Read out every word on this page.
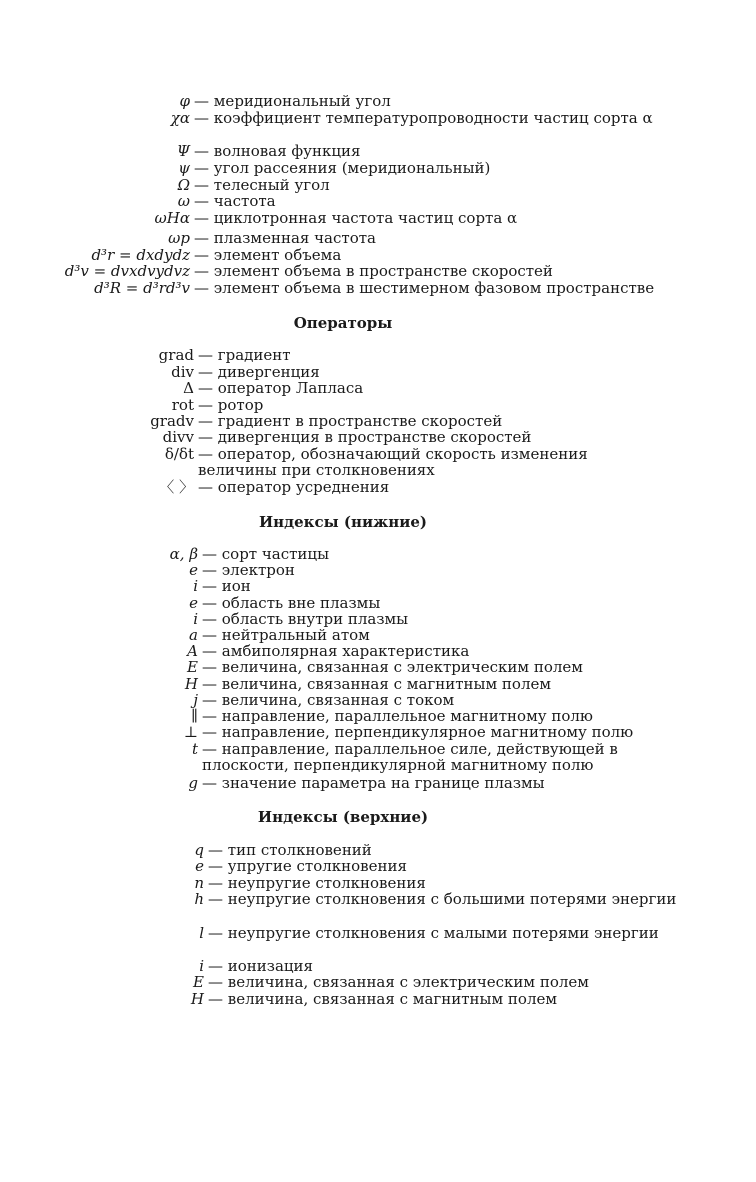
φ — меридиональный угол
χα — коэффициент температуропроводности частиц сорта α
Ψ — волновая функция
ψ — угол рассеяния (меридиональный)
Ω — телесный угол
ω — частота
ωHα — циклотронная частота частиц сорта α
ωp — плазменная частота
d³r = dxdydz — элемент объема
d³v = dvxdvydvz — элемент объема в пространстве скоростей
d³R = d³rd³v — элемент объема в шестимерном фазовом пространстве
Операторы
grad — градиент
div — дивергенция
Δ — оператор Лапласа
rot — ротор
gradv — градиент в пространстве скоростей
divv — дивергенция в пространстве скоростей
δ/δt — оператор, обозначающий скорость изменения величины при столкновениях
〈 〉 — оператор усреднения
Индексы (нижние)
α, β — сорт частицы
e — электрон
i — ион
e — область вне плазмы
i — область внутри плазмы
a — нейтральный атом
A — амбиполярная характеристика
E — величина, связанная с электрическим полем
H — величина, связанная с магнитным полем
j — величина, связанная с током
∥ — направление, параллельное магнитному полю
⊥ — направление, перпендикулярное магнитному полю
t — направление, параллельное силе, действующей в плоскости, перпендикулярной магнитному полю
g — значение параметра на границе плазмы
Индексы (верхние)
q — тип столкновений
e — упругие столкновения
n — неупругие столкновения
h — неупругие столкновения с большими потерями энергии
l — неупругие столкновения с малыми потерями энергии
i — ионизация
E — величина, связанная с электрическим полем
H — величина, связанная с магнитным полем
